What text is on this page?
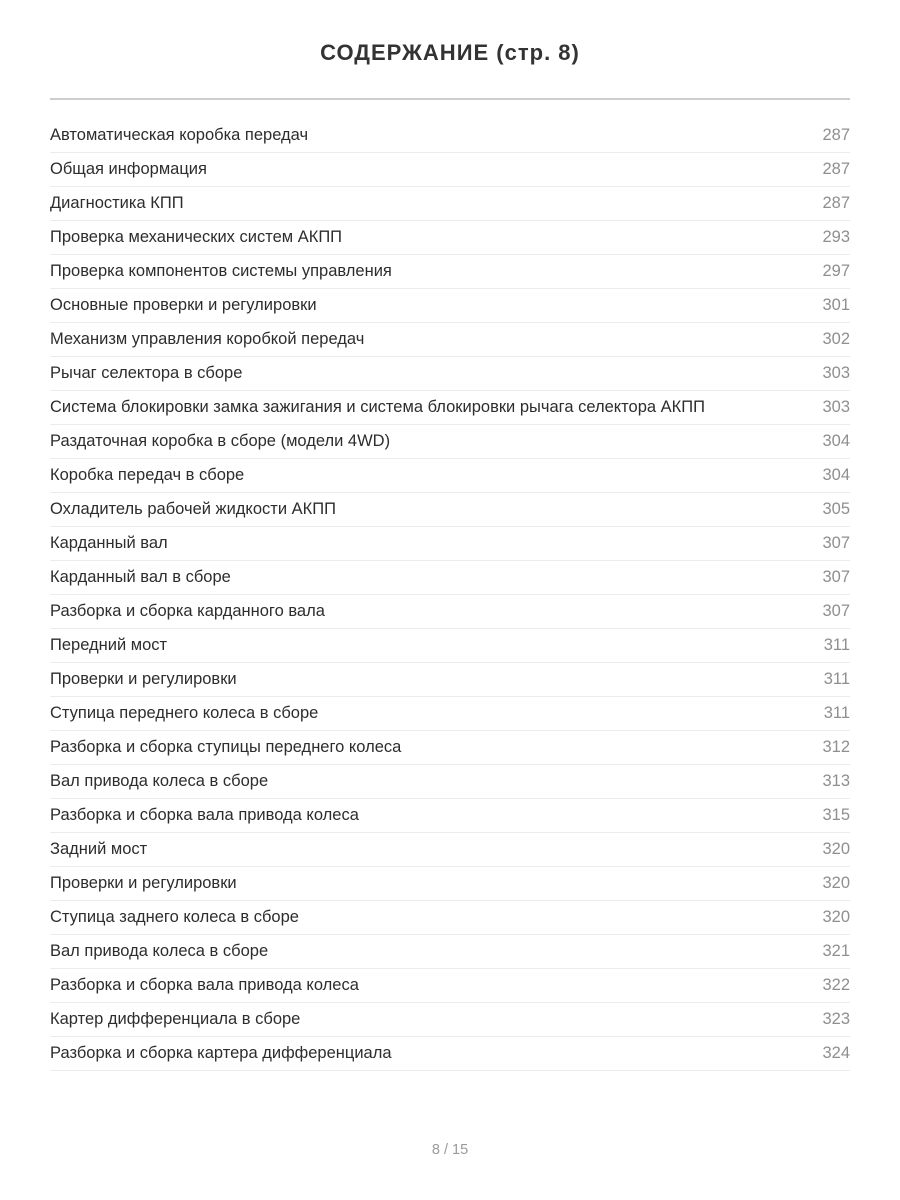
СОДЕРЖАНИЕ (стр. 8)
Автоматическая коробка передач	287
Общая информация	287
Диагностика КПП	287
Проверка механических систем АКПП	293
Проверка компонентов системы управления	297
Основные проверки и регулировки	301
Механизм управления коробкой передач	302
Рычаг селектора в сборе	303
Система блокировки замка зажигания и система блокировки рычага селектора АКПП	303
Раздаточная коробка в сборе (модели 4WD)	304
Коробка передач в сборе	304
Охладитель рабочей жидкости АКПП	305
Карданный вал	307
Карданный вал в сборе	307
Разборка и сборка карданного вала	307
Передний мост	311
Проверки и регулировки	311
Ступица переднего колеса в сборе	311
Разборка и сборка ступицы переднего колеса	312
Вал привода колеса в сборе	313
Разборка и сборка вала привода колеса	315
Задний мост	320
Проверки и регулировки	320
Ступица заднего колеса в сборе	320
Вал привода колеса в сборе	321
Разборка и сборка вала привода колеса	322
Картер дифференциала в сборе	323
Разборка и сборка картера дифференциала	324
8 / 15
